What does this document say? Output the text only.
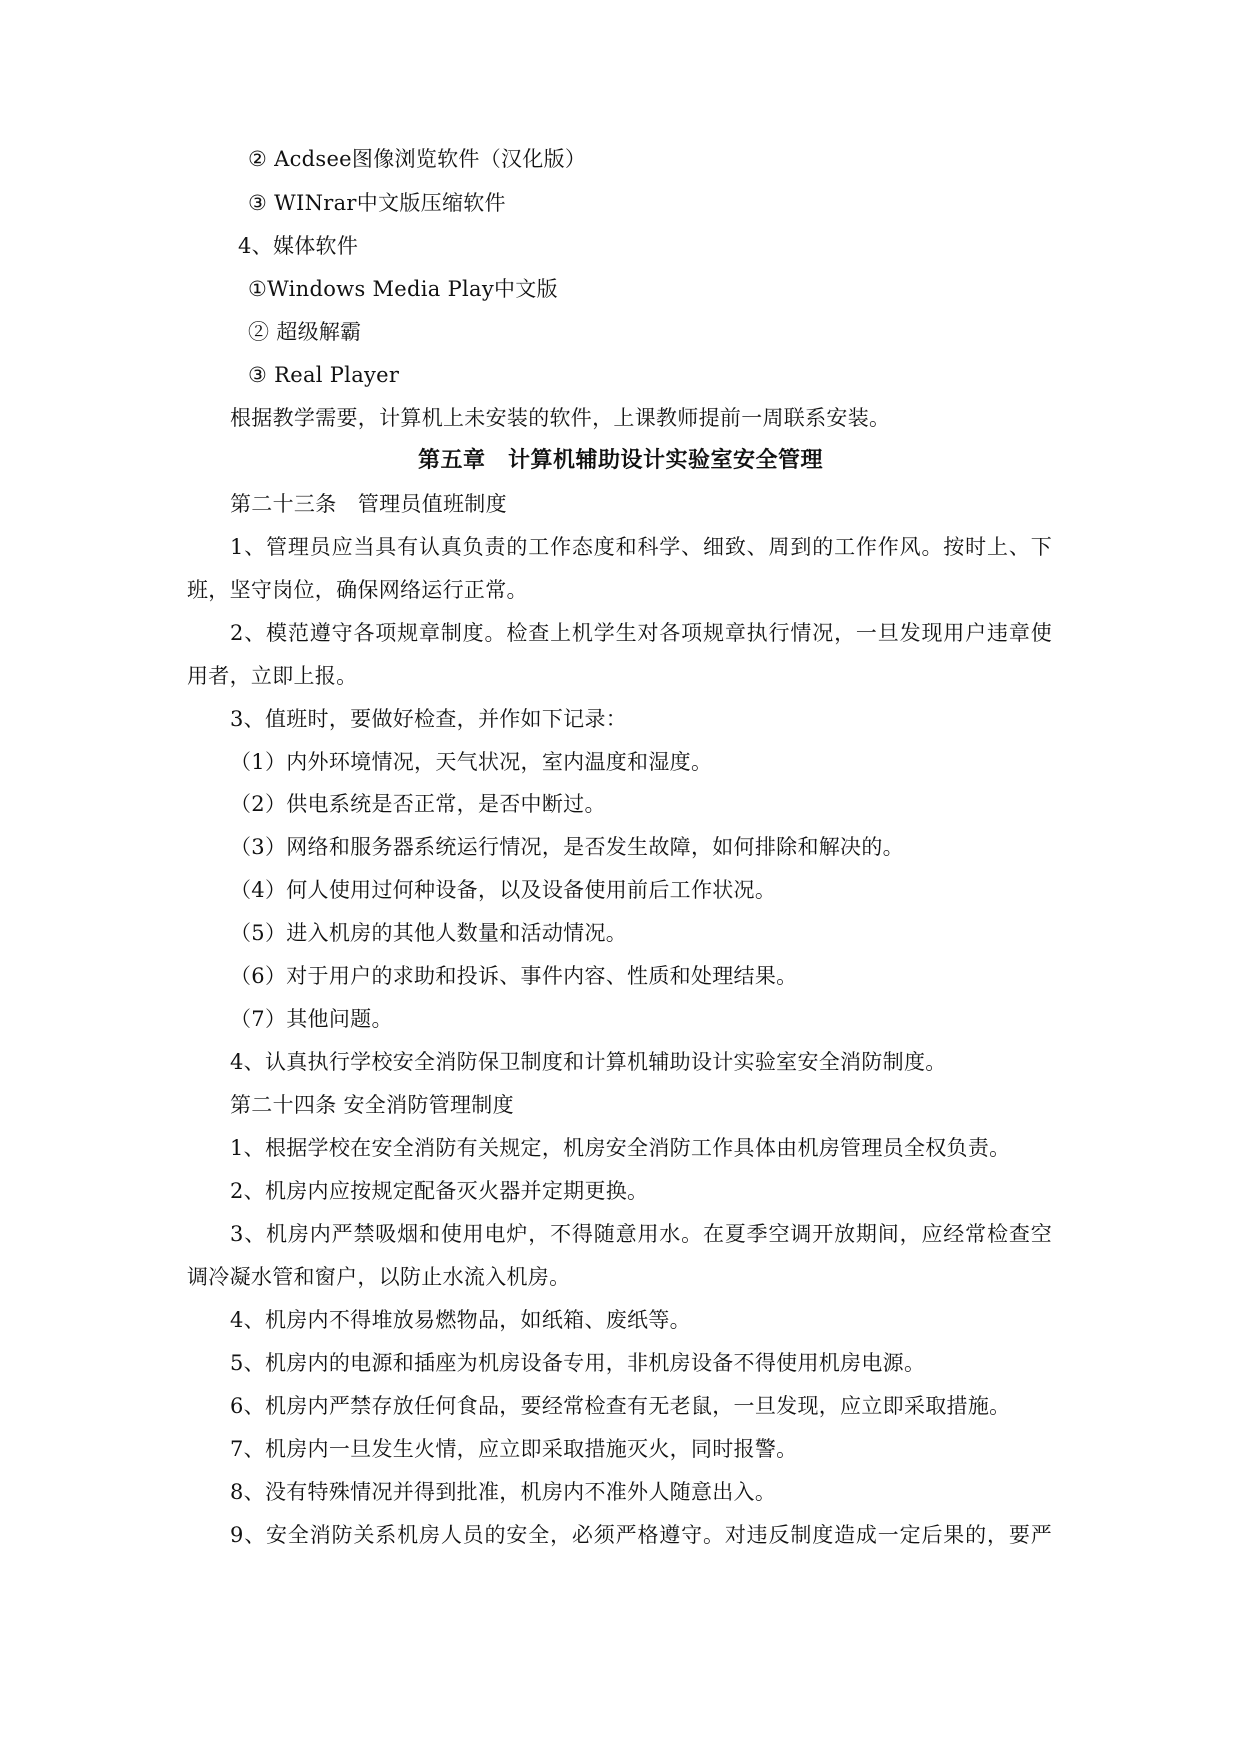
② Acdsee图像浏览软件（汉化版）
③ WINrar中文版压缩软件
4、媒体软件
①Windows Media Play中文版
② 超级解霸
③ Real Player
根据教学需要，计算机上未安装的软件，上课教师提前一周联系安装。
第五章　计算机辅助设计实验室安全管理
第二十三条　管理员值班制度
1、管理员应当具有认真负责的工作态度和科学、细致、周到的工作作风。按时上、下
班，坚守岗位，确保网络运行正常。
2、模范遵守各项规章制度。检查上机学生对各项规章执行情况，一旦发现用户违章使
用者，立即上报。
3、值班时，要做好检查，并作如下记录：
（1）内外环境情况，天气状况，室内温度和湿度。
（2）供电系统是否正常，是否中断过。
（3）网络和服务器系统运行情况，是否发生故障，如何排除和解决的。
（4）何人使用过何种设备，以及设备使用前后工作状况。
（5）进入机房的其他人数量和活动情况。
（6）对于用户的求助和投诉、事件内容、性质和处理结果。
（7）其他问题。
4、认真执行学校安全消防保卫制度和计算机辅助设计实验室安全消防制度。
第二十四条 安全消防管理制度
1、根据学校在安全消防有关规定，机房安全消防工作具体由机房管理员全权负责。
2、机房内应按规定配备灭火器并定期更换。
3、机房内严禁吸烟和使用电炉，不得随意用水。在夏季空调开放期间，应经常检查空
调冷凝水管和窗户，以防止水流入机房。
4、机房内不得堆放易燃物品，如纸箱、废纸等。
5、机房内的电源和插座为机房设备专用，非机房设备不得使用机房电源。
6、机房内严禁存放任何食品，要经常检查有无老鼠，一旦发现，应立即采取措施。
7、机房内一旦发生火情，应立即采取措施灭火，同时报警。
8、没有特殊情况并得到批准，机房内不准外人随意出入。
9、安全消防关系机房人员的安全，必须严格遵守。对违反制度造成一定后果的，要严
